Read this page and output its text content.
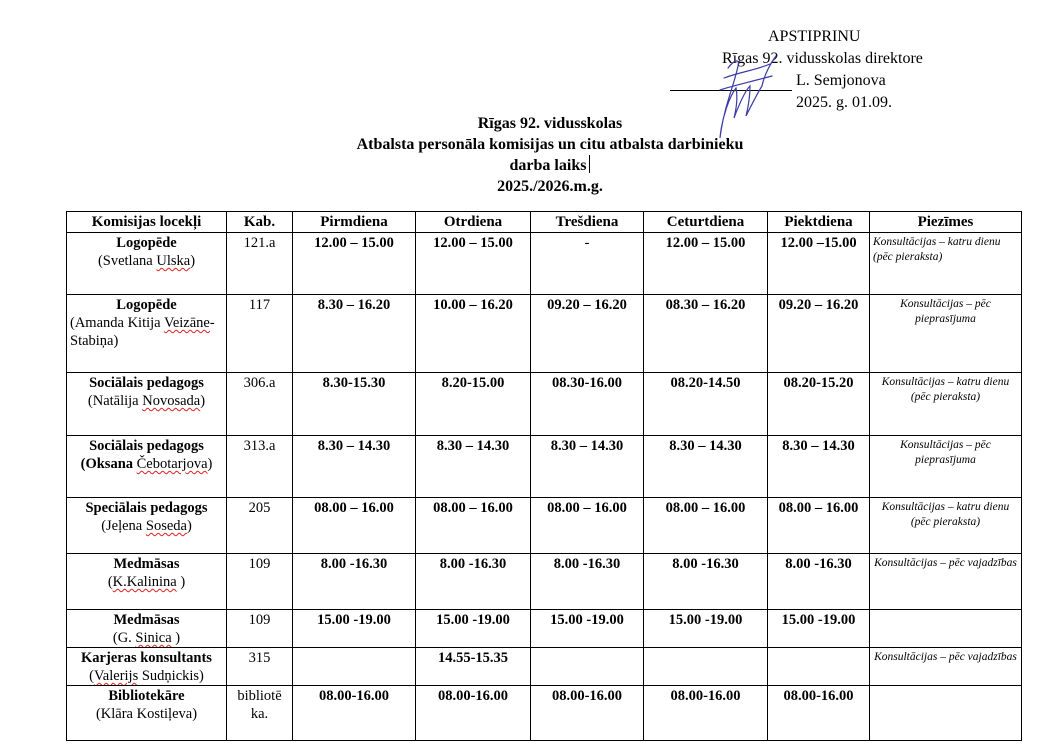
APSTIPRINU
Rīgas 92. vidusskolas direktore
L. Semjonova
2025. g. 01.09.
Rīgas 92. vidusskolas
Atbalsta personāla komisijas un citu atbalsta darbinieku
darba laiks
2025./2026.m.g.
Komisijas locekļi	Kab.	Pirmdiena	Otrdiena	Trešdiena	Ceturtdiena	Piektdiena	Piezīmes

Logopēde
(Svetlana Ulska)	121.a	12.00 – 15.00	12.00 – 15.00	-	12.00 – 15.00	12.00 –15.00	Konsultācijas – katru dienu (pēc pieraksta)

Logopēde
(Amanda Kitija Veizāne-Stabiņa)	117	8.30 – 16.20	10.00 – 16.20	09.20 – 16.20	08.30 – 16.20	09.20 – 16.20	Konsultācijas – pēc pieprasījuma

Sociālais pedagogs
(Natālija Novosada)	306.a	8.30-15.30	8.20-15.00	08.30-16.00	08.20-14.50	08.20-15.20	Konsultācijas – katru dienu (pēc pieraksta)

Sociālais pedagogs
(Oksana Čebotarjova)	313.a	8.30 – 14.30	8.30 – 14.30	8.30 – 14.30	8.30 – 14.30	8.30 – 14.30	Konsultācijas – pēc pieprasījuma

Speciālais pedagogs
(Jeļena Soseda)	205	08.00 – 16.00	08.00 – 16.00	08.00 – 16.00	08.00 – 16.00	08.00 – 16.00	Konsultācijas – katru dienu (pēc pieraksta)

Medmāsas
(K.Kalinina )	109	8.00 -16.30	8.00 -16.30	8.00 -16.30	8.00 -16.30	8.00 -16.30	Konsultācijas – pēc vajadzības

Medmāsas
(G. Sinica )	109	15.00 -19.00	15.00 -19.00	15.00 -19.00	15.00 -19.00	15.00 -19.00	

Karjeras konsultants
(Valerijs Sudņickis)	315		14.55-15.35				Konsultācijas – pēc vajadzības

Bibliotekāre
(Klāra Kostiļeva)	bibliotē ka.	08.00-16.00	08.00-16.00	08.00-16.00	08.00-16.00	08.00-16.00	
